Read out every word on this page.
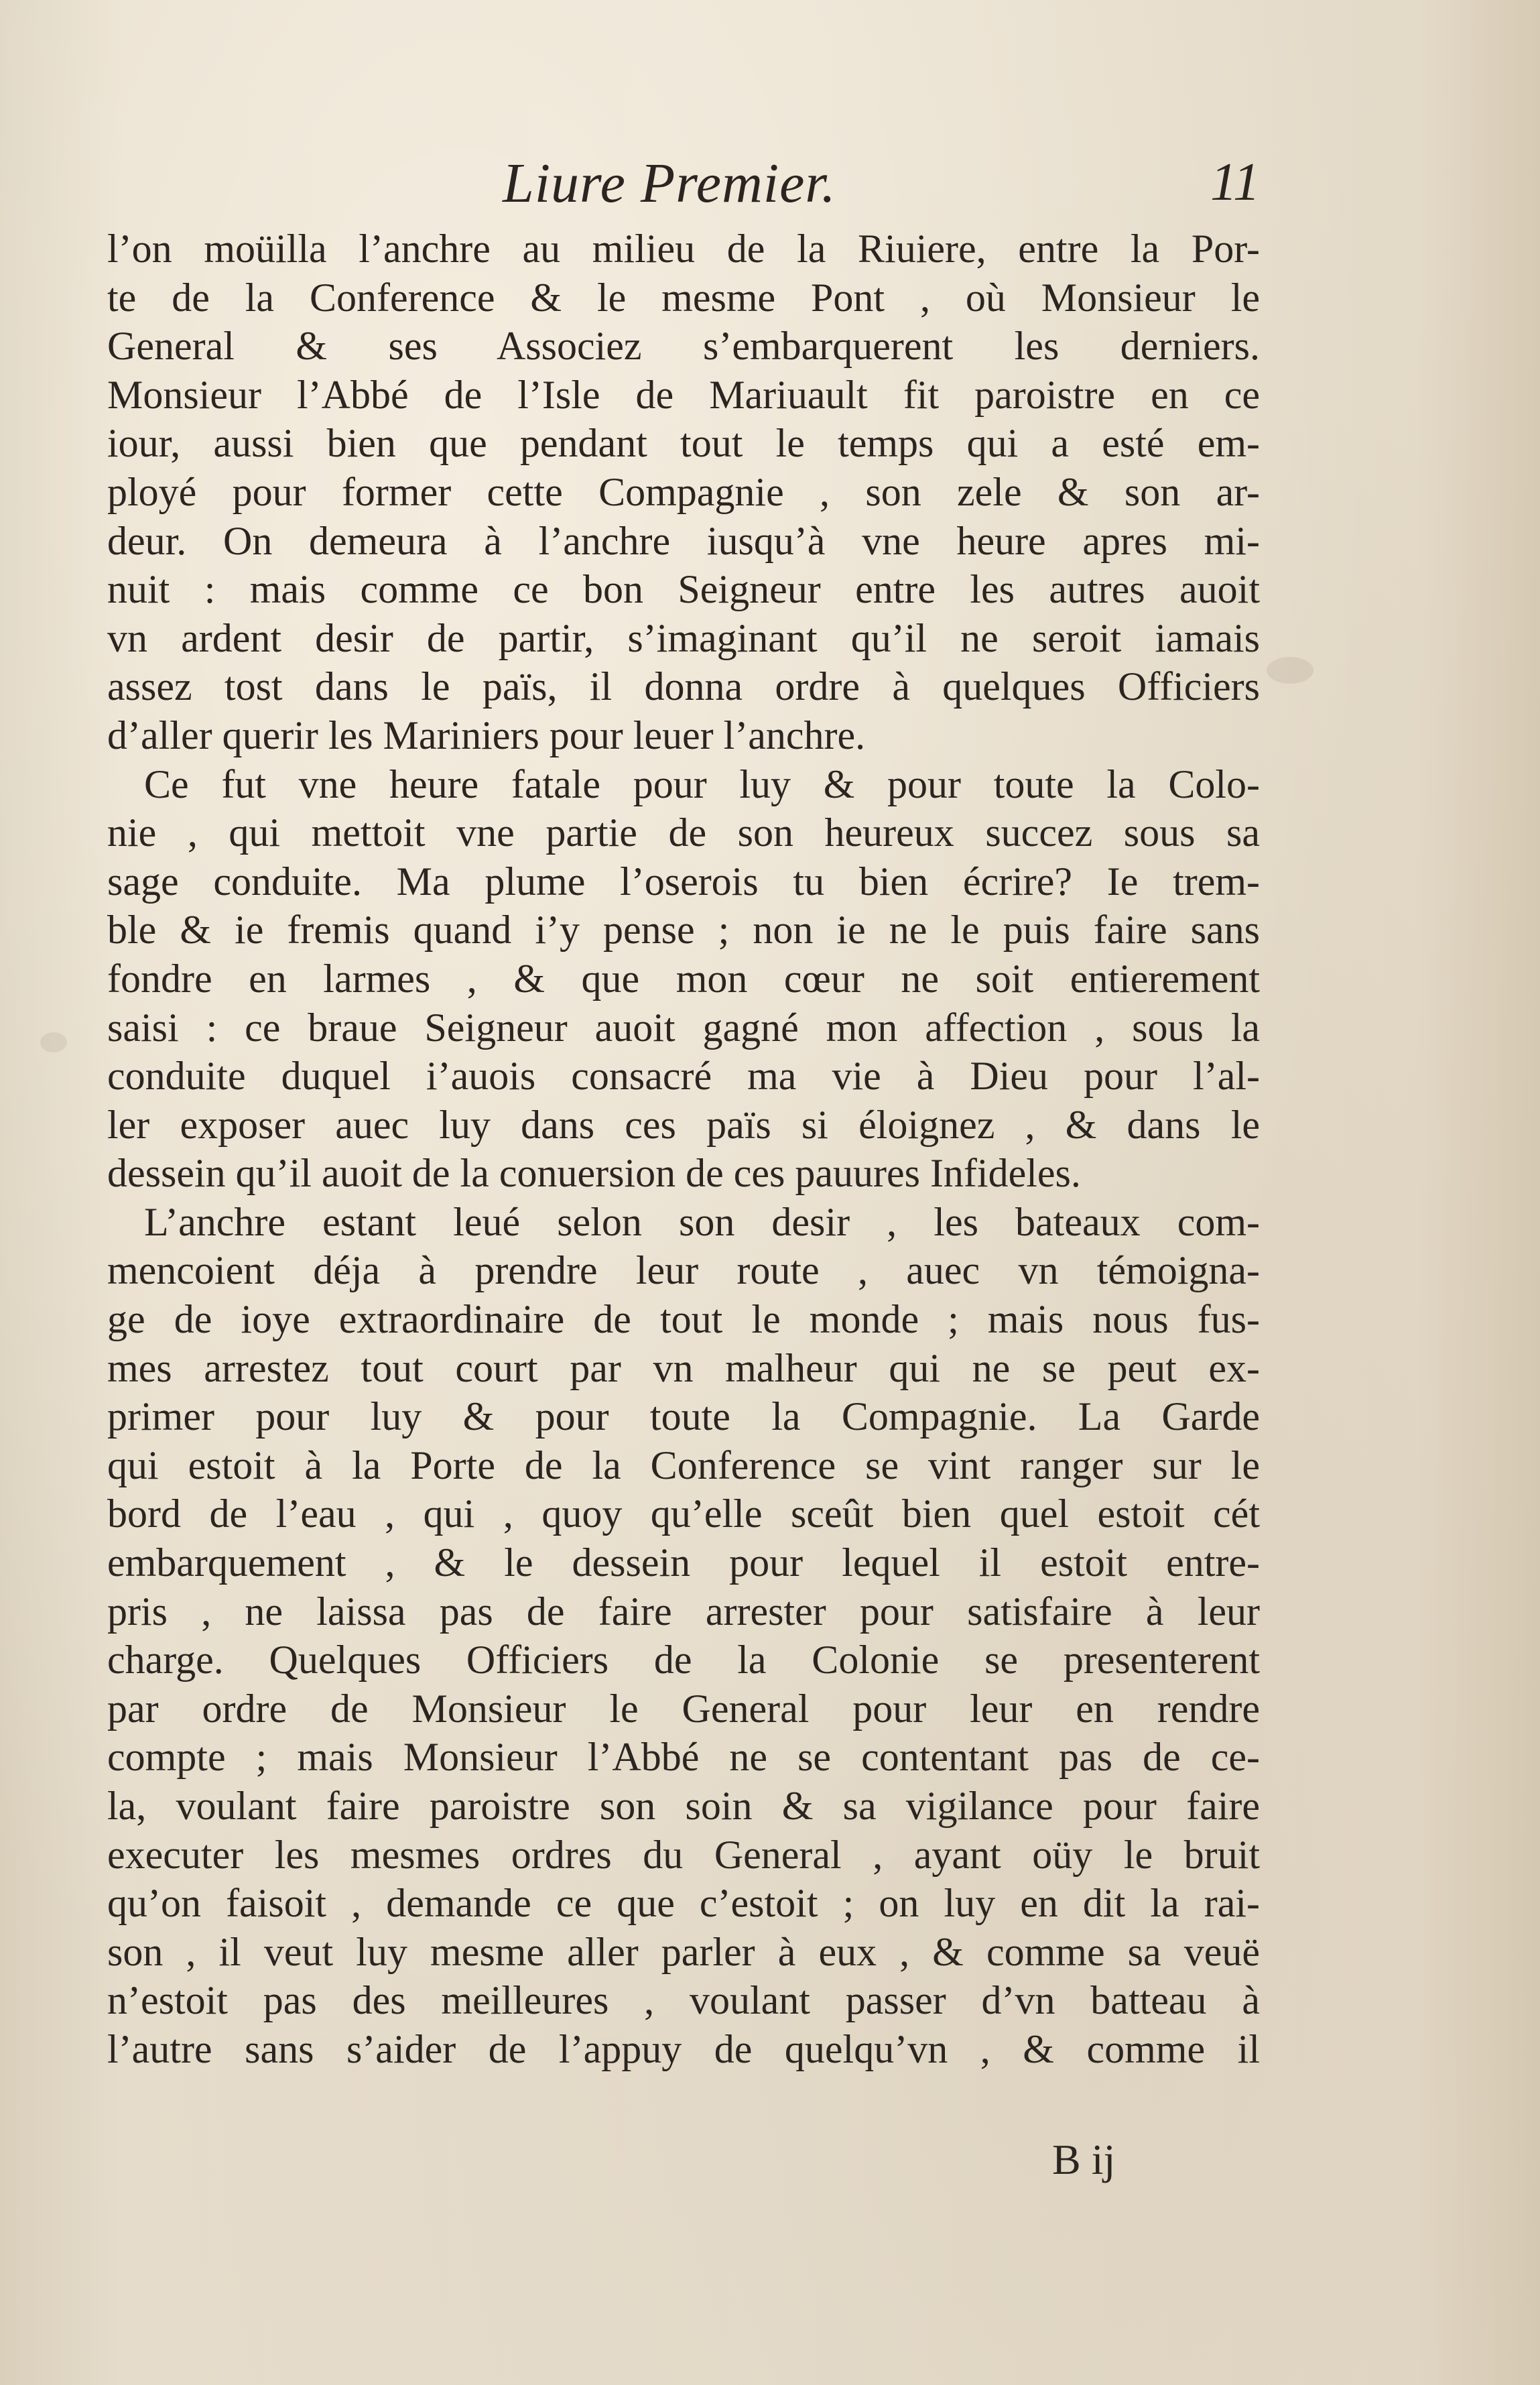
Liure Premier.	11
l’on moüilla l’anchre au milieu de la Riuiere, entre la Por-
te de la Conference & le mesme Pont , où Monsieur le
General & ses Associez s’embarquerent les derniers.
Monsieur l’Abbé de l’Isle de Mariuault fit paroistre en ce
iour, aussi bien que pendant tout le temps qui a esté em-
ployé pour former cette Compagnie , son zele & son ar-
deur. On demeura à l’anchre iusqu’à vne heure apres mi-
nuit : mais comme ce bon Seigneur entre les autres auoit
vn ardent desir de partir, s’imaginant qu’il ne seroit iamais
assez tost dans le païs, il donna ordre à quelques Officiers
d’aller querir les Mariniers pour leuer l’anchre.
Ce fut vne heure fatale pour luy & pour toute la Colo-
nie , qui mettoit vne partie de son heureux succez sous sa
sage conduite. Ma plume l’oserois tu bien écrire? Ie trem-
ble & ie fremis quand i’y pense ; non ie ne le puis faire sans
fondre en larmes , & que mon cœur ne soit entierement
saisi : ce braue Seigneur auoit gagné mon affection , sous la
conduite duquel i’auois consacré ma vie à Dieu pour l’al-
ler exposer auec luy dans ces païs si éloignez , & dans le
dessein qu’il auoit de la conuersion de ces pauures Infideles.
L’anchre estant leué selon son desir , les bateaux com-
mencoient déja à prendre leur route , auec vn témoigna-
ge de ioye extraordinaire de tout le monde ; mais nous fus-
mes arrestez tout court par vn malheur qui ne se peut ex-
primer pour luy & pour toute la Compagnie. La Garde
qui estoit à la Porte de la Conference se vint ranger sur le
bord de l’eau , qui , quoy qu’elle sceût bien quel estoit cét
embarquement , & le dessein pour lequel il estoit entre-
pris , ne laissa pas de faire arrester pour satisfaire à leur
charge. Quelques Officiers de la Colonie se presenterent
par ordre de Monsieur le General pour leur en rendre
compte ; mais Monsieur l’Abbé ne se contentant pas de ce-
la, voulant faire paroistre son soin & sa vigilance pour faire
executer les mesmes ordres du General , ayant oüy le bruit
qu’on faisoit , demande ce que c’estoit ; on luy en dit la rai-
son , il veut luy mesme aller parler à eux , & comme sa veuë
n’estoit pas des meilleures , voulant passer d’vn batteau à
l’autre sans s’aider de l’appuy de quelqu’vn , & comme il
B ij
